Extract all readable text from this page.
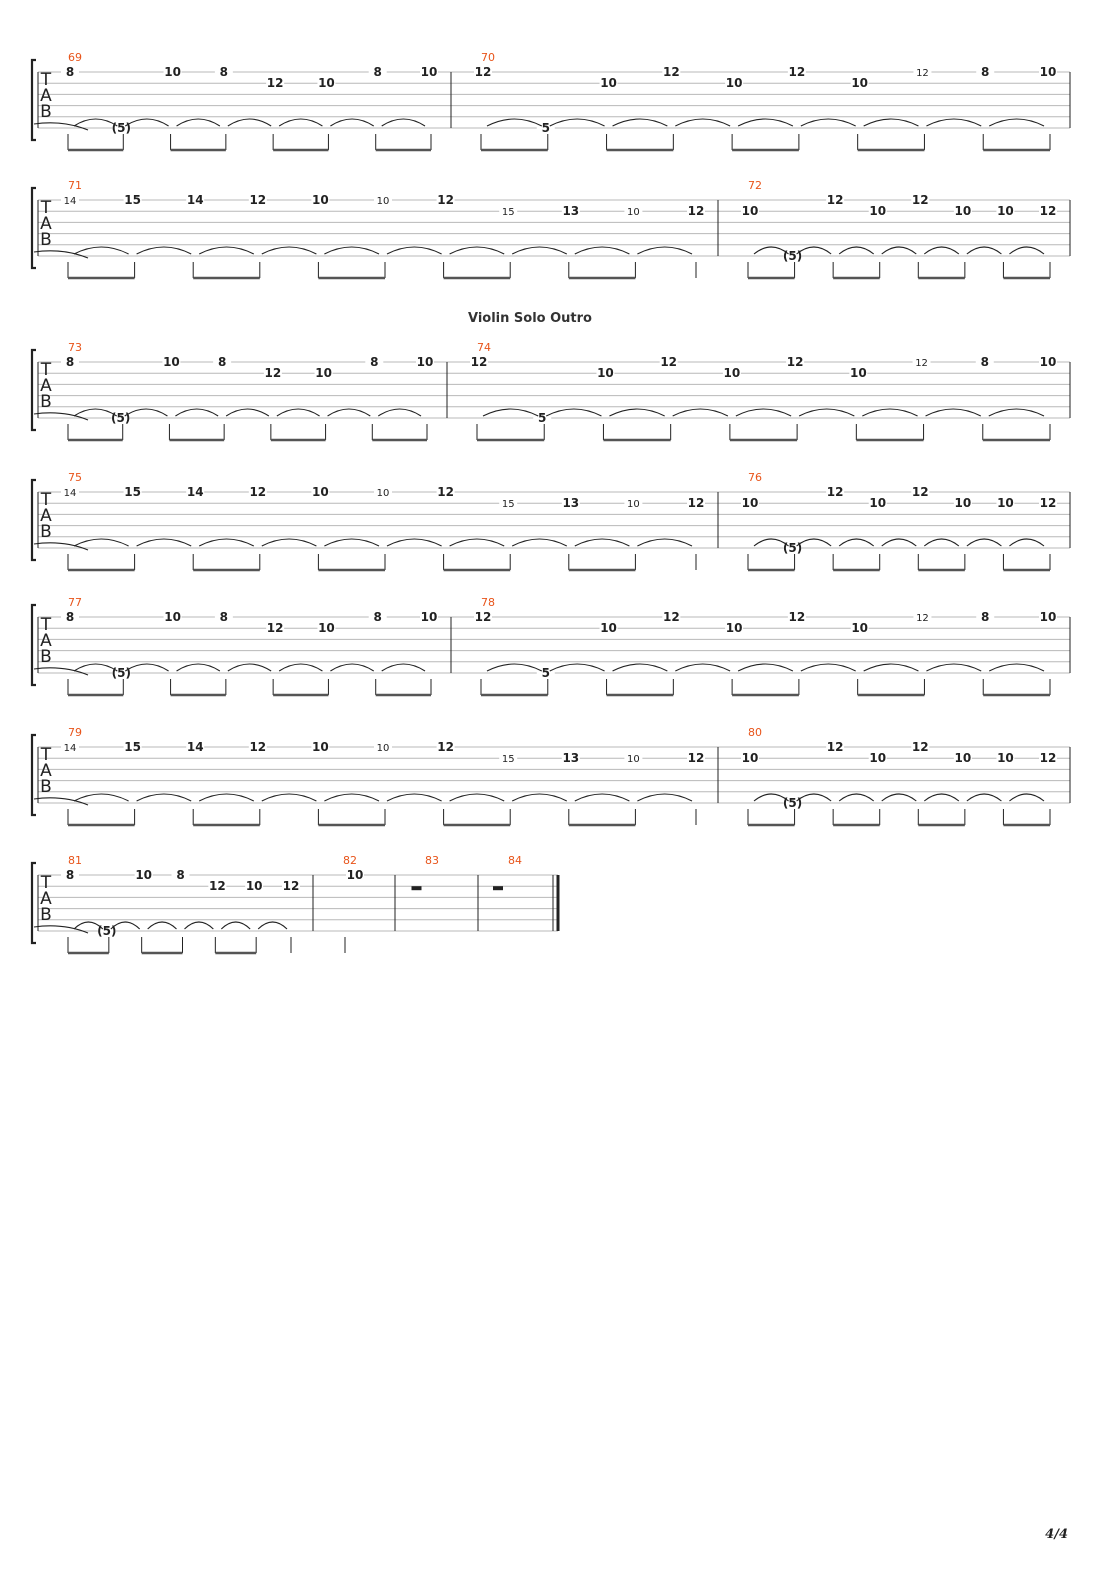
T
A
B
69
8
(5)
10	8
12	10
8	10
70
12
5
10
12
10
12
10
12	8	10
T
A
B
71
14	15	14	12	10	10	12
15	13	10	12
72
10
(5)
12
10
12
10 10 12
T
A
B
73
8
(5)
10	8
12	10
8	10
74
12
5
10
12
10
12
10
12	8	10
T
A
B
75
14	15	14	12	10	10	12
15	13	10	12
76
10
(5)
12
10
12
10 10 12
T
A
B
77
8
(5)
10	8
12	10
8	10
78
12
5
10
12
10
12
10
12	8	10
T
A
B
79
14	15	14	12	10	10	12
15	13	10	12
80
10
(5)
12
10
12
10 10 12
T
A
B
81
8
(5)
10 8
12 10 12
82
10
83	84
Violin Solo Outro
4/4
